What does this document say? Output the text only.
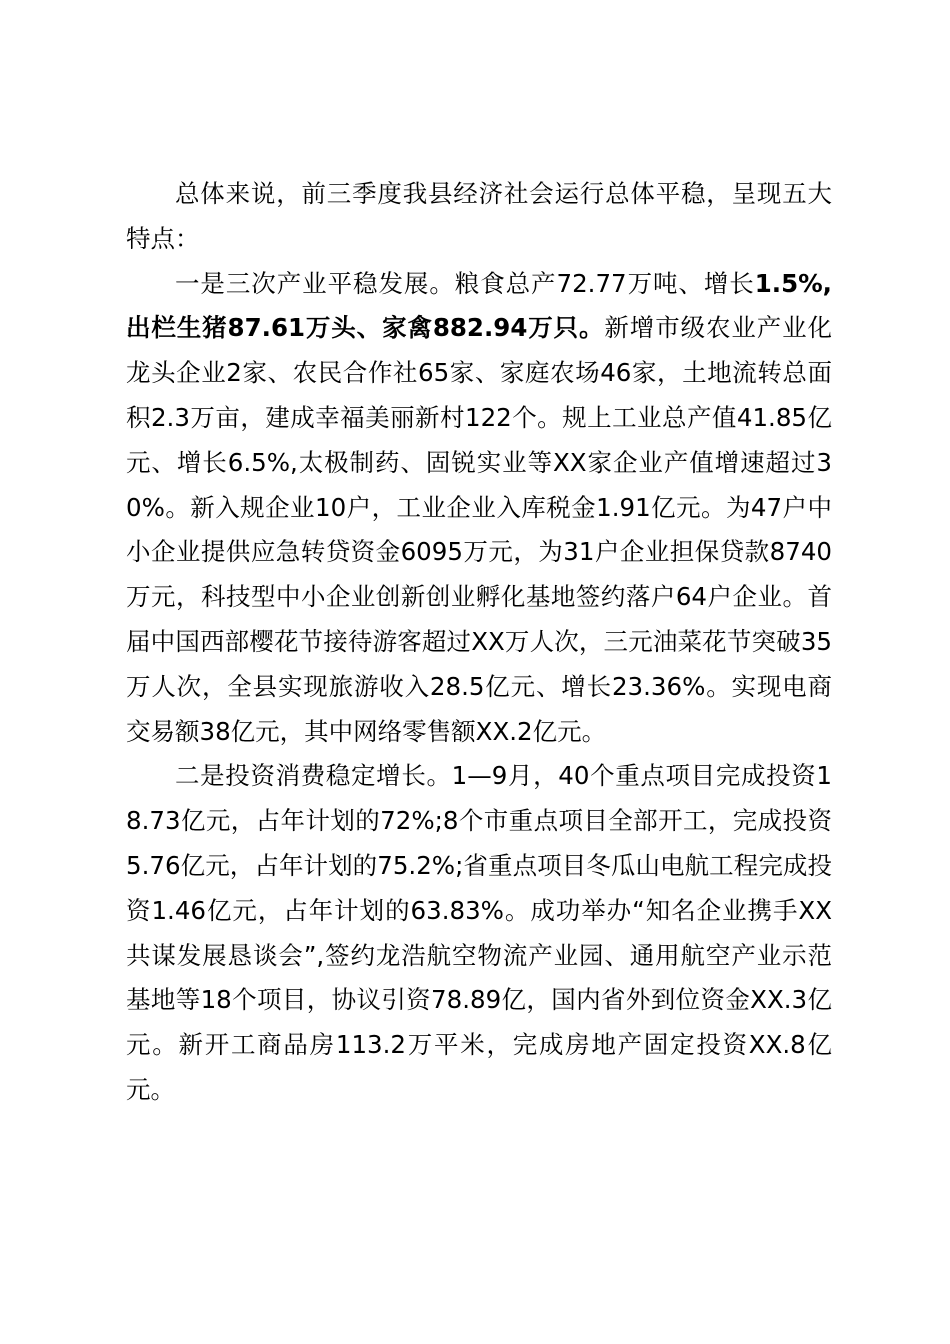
总体来说，前三季度我县经济社会运行总体平稳，呈现五大特点：

一是三次产业平稳发展。粮食总产72.77万吨、增长1.5%,出栏生猪87.61万头、家禽882.94万只。新增市级农业产业化龙头企业2家、农民合作社65家、家庭农场46家，土地流转总面积2.3万亩，建成幸福美丽新村122个。规上工业总产值41.85亿元、增长6.5%,太极制药、固锐实业等XX家企业产值增速超过30%。新入规企业10户，工业企业入库税金1.91亿元。为47户中小企业提供应急转贷资金6095万元，为31户企业担保贷款8740万元，科技型中小企业创新创业孵化基地签约落户64户企业。首届中国西部樱花节接待游客超过XX万人次，三元油菜花节突破35万人次，全县实现旅游收入28.5亿元、增长23.36%。实现电商交易额38亿元，其中网络零售额XX.2亿元。

二是投资消费稳定增长。1—9月，40个重点项目完成投资18.73亿元，占年计划的72%;8个市重点项目全部开工，完成投资5.76亿元，占年计划的75.2%;省重点项目冬瓜山电航工程完成投资1.46亿元，占年计划的63.83%。成功举办“知名企业携手XX共谋发展恳谈会”,签约龙浩航空物流产业园、通用航空产业示范基地等18个项目，协议引资78.89亿，国内省外到位资金XX.3亿元。新开工商品房113.2万平米，完成房地产固定投资XX.8亿元。
